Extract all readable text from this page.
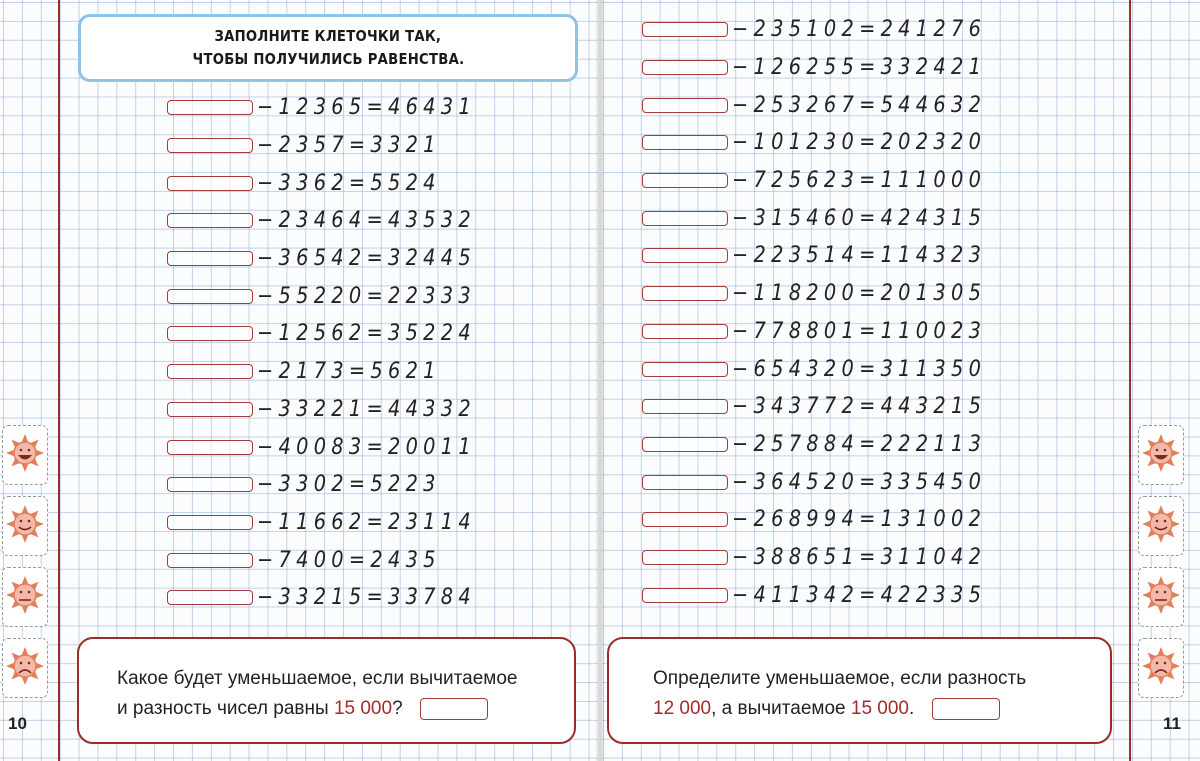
ЗАПОЛНИТЕ КЛЕТОЧКИ ТАК,
ЧТОБЫ ПОЛУЧИЛИСЬ РАВЕНСТВА.
−12365=46431
−2357=3321
−3362=5524
−23464=43532
−36542=32445
−55220=22333
−12562=35224
−2173=5621
−33221=44332
−40083=20011
−3302=5223
−11662=23114
−7400=2435
−33215=33784
Какое будет уменьшаемое, если вычитаемое
и разность чисел равны 15 000?
10
−235102=241276
−126255=332421
−253267=544632
−101230=202320
−725623=111000
−315460=424315
−223514=114323
−118200=201305
−778801=110023
−654320=311350
−343772=443215
−257884=222113
−364520=335450
−268994=131002
−388651=311042
−411342=422335
Определите уменьшаемое, если разность
12 000, а вычитаемое 15 000.
11
